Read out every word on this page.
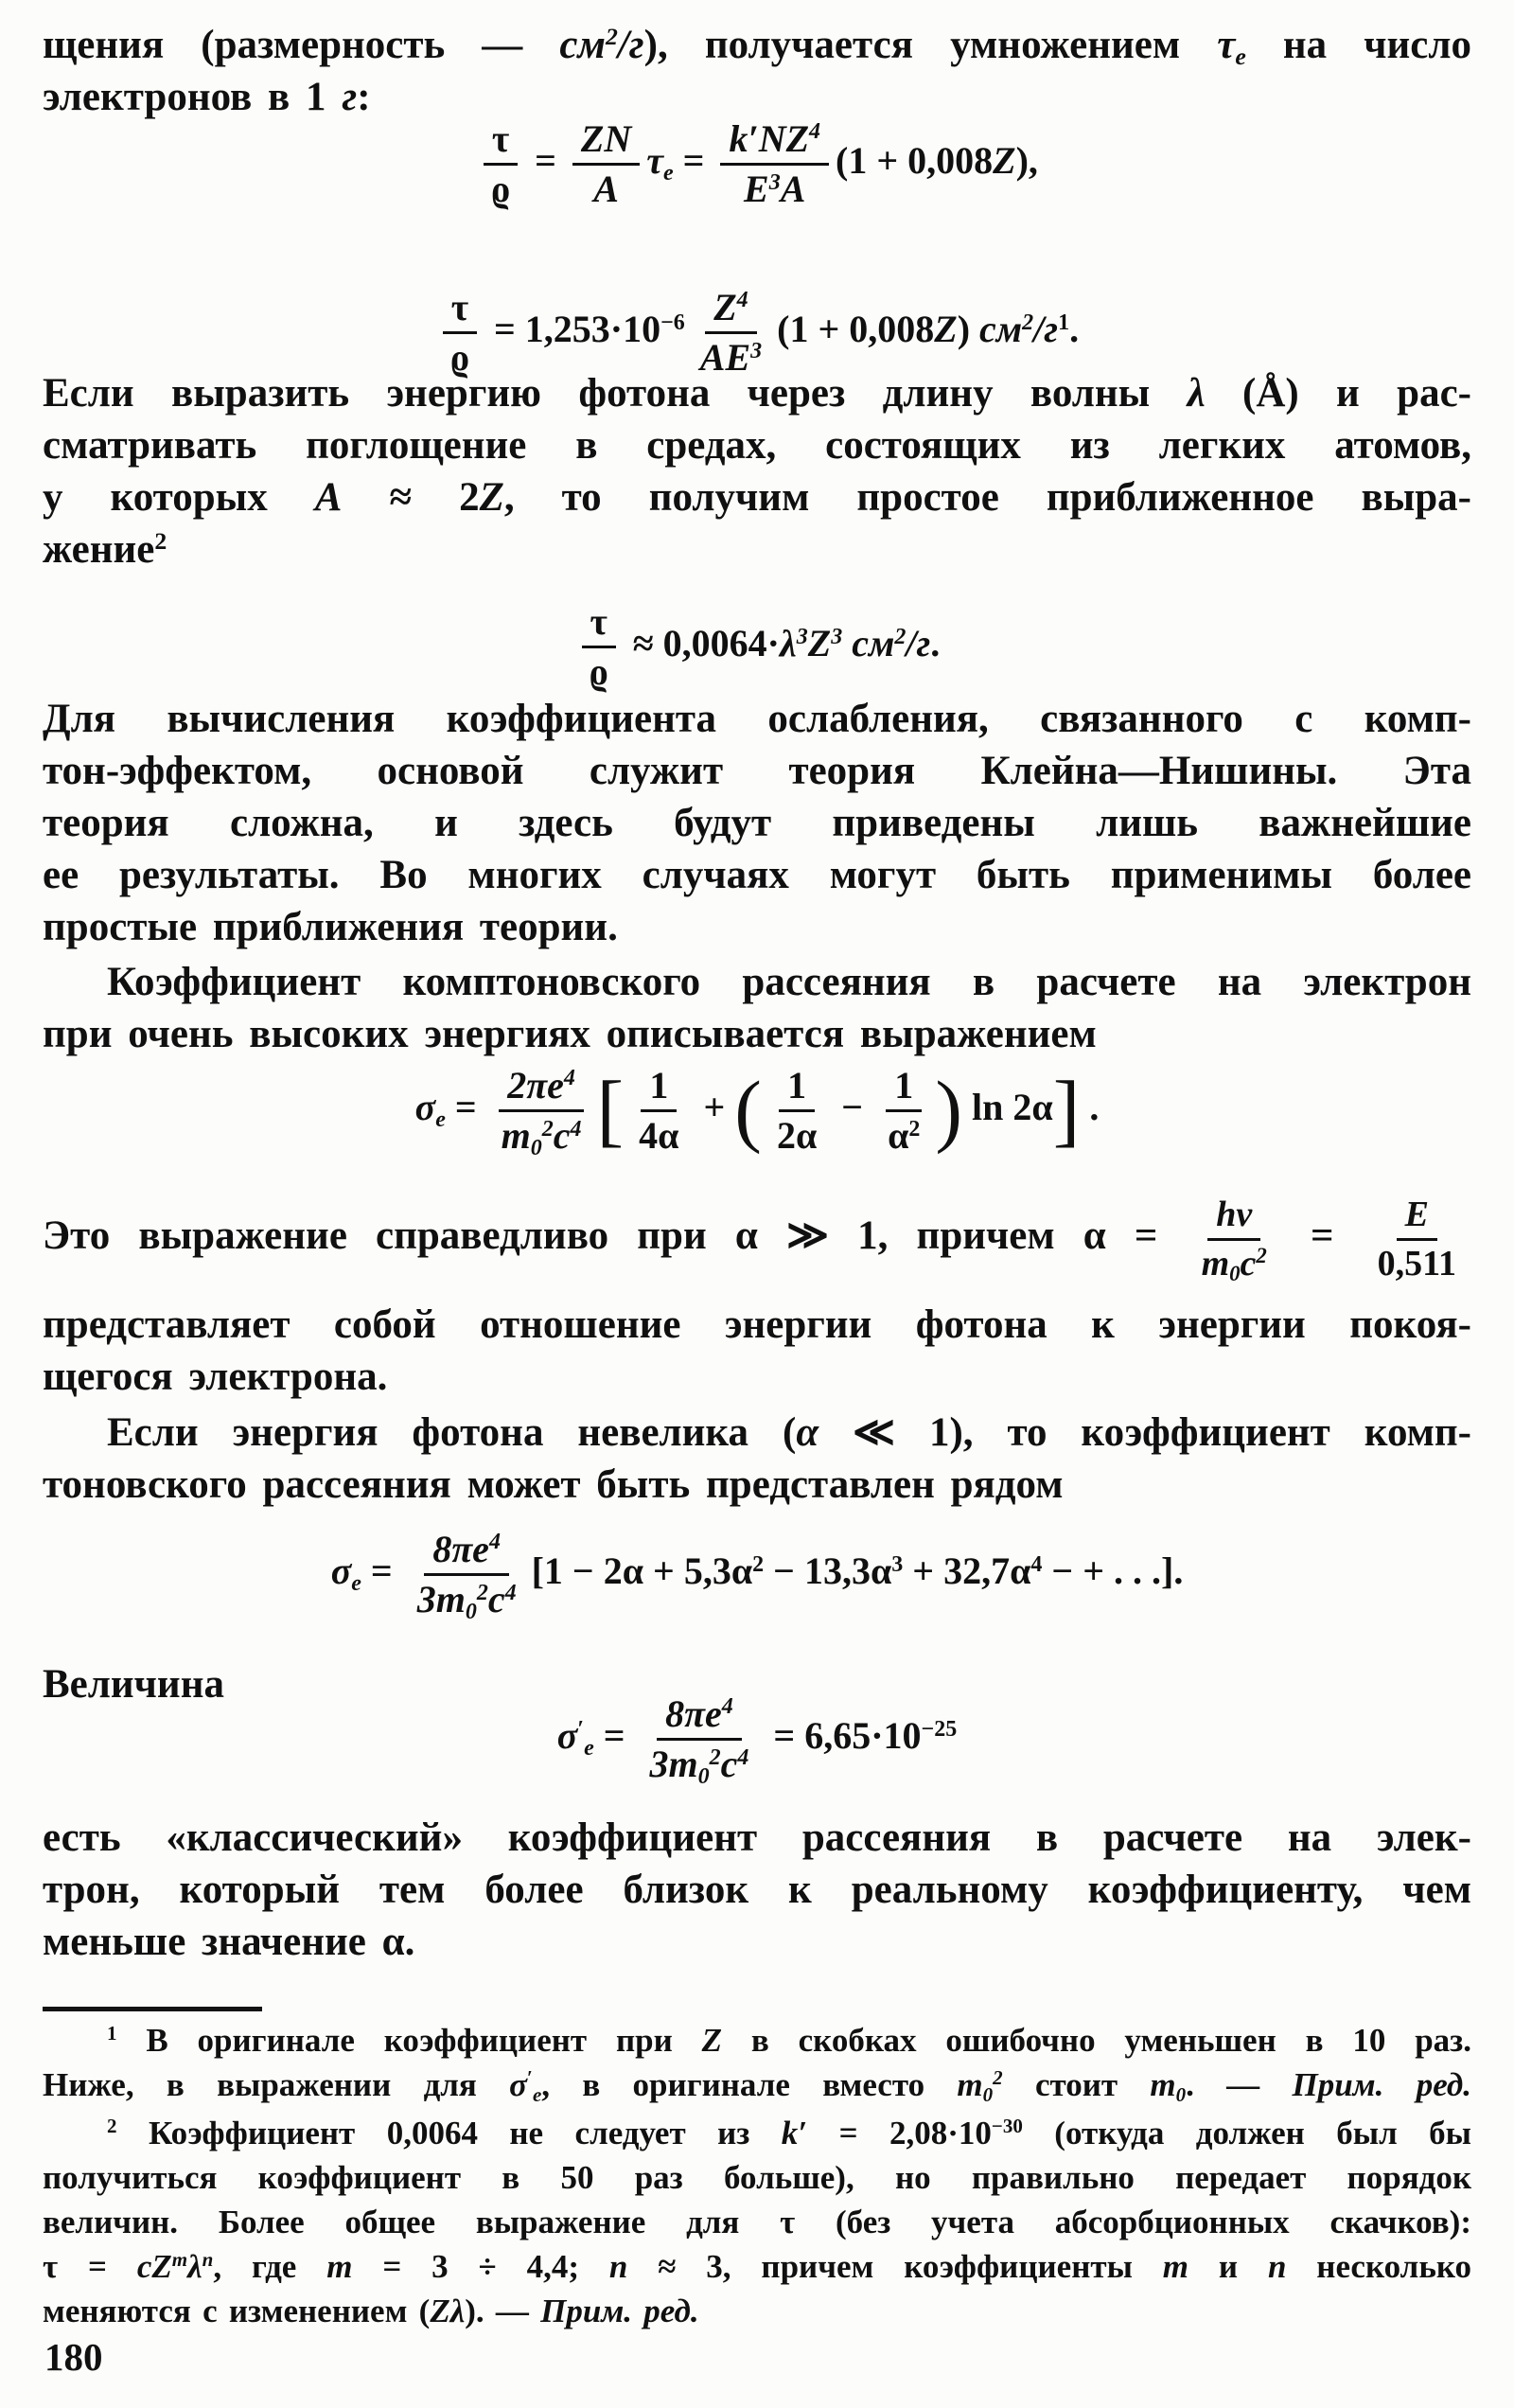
щения (размерность — $см^2/г$), получается умножением τe на число
электронов в 1 г:
$\frac{\tau}{ϱ} = \frac{ZN}{A}$ $\tau e = \frac{k'NZ^4}{E^3A} (1 + 0,008Z)$,
$\frac{\tau}{ϱ} = 1,253\cdot 10^{-6} \frac{Z^4}{AE^3} (1 + 0,008Z)$ $см^2/г^1$.
Если выразить энергию фотона через длину волны λ (Å) и рас-
сматривать поглощение в средах, состоящих из легких атомов,
у которых A ≈ 2Z, то получим простое приближенное выра-
жение$^2$
$\frac{\tau}{ϱ} \approx 0,0064\cdot\lambda^3Z^3$ $см^2/г$.
Для вычисления коэффициента ослабления, связанного с комп-
тон-эффектом, основой служит теория Клейна—Нишины. Эта
теория сложна, и здесь будут приведены лишь важнейшие
ее результаты. Во многих случаях могут быть применимы более
простые приближения теории.
Коэффициент комптоновского рассеяния в расчете на электрон
при очень высоких энергиях описывается выражением
$\sigma e = \frac{2\pi e^4}{m0^2c^4}$ [ $\frac{1}{4\alpha}$ + ( $\frac{1}{2\alpha} - \frac{1}{\alpha^2}$ ) ln 2α] .
Это выражение справедливо при α ≫ 1, причем $\alpha = \frac{h\nu}{m0c^2} = \frac{E}{0,511}$
представляет собой отношение энергии фотона к энергии покоя-
щегося электрона.
Если энергия фотона невелика (α ≪ 1), то коэффициент комп-
тоновского рассеяния может быть представлен рядом
$\sigma e = \frac{8\pi e^4}{3m0^2c^4} [1 - 2\alpha + 5,3\alpha^2 - 13,3\alpha^3 + 32,7\alpha^4$ − + . . .].
Величина
$\sigma'e = \frac{8\pi e^4}{3m0^2c^4} = 6,65\cdot 10^{-25}$
есть «классический» коэффициент рассеяния в расчете на элек-
трон, который тем более близок к реальному коэффициенту, чем
меньше значение α.
$^1$ В оригинале коэффициент при Z в скобках ошибочно уменьшен в 10 раз.
Ниже, в выражении для σ′e, в оригинале вместо $m0^2$ стоит m0. — Прим. ред.
$^2$ Коэффициент 0,0064 не следует из $k' = 2,08\cdot 10^{-30}$ (откуда должен был бы
получиться коэффициент в 50 раз больше), но правильно передает порядок
величин. Более общее выражение для τ (без учета абсорбционных скачков):
$\tau = cZ^m\lambda^n$, где m = 3 ÷ 4,4; n ≈ 3, причем коэффициенты m и n несколько
меняются с изменением (Zλ). — Прим. ред.
180
